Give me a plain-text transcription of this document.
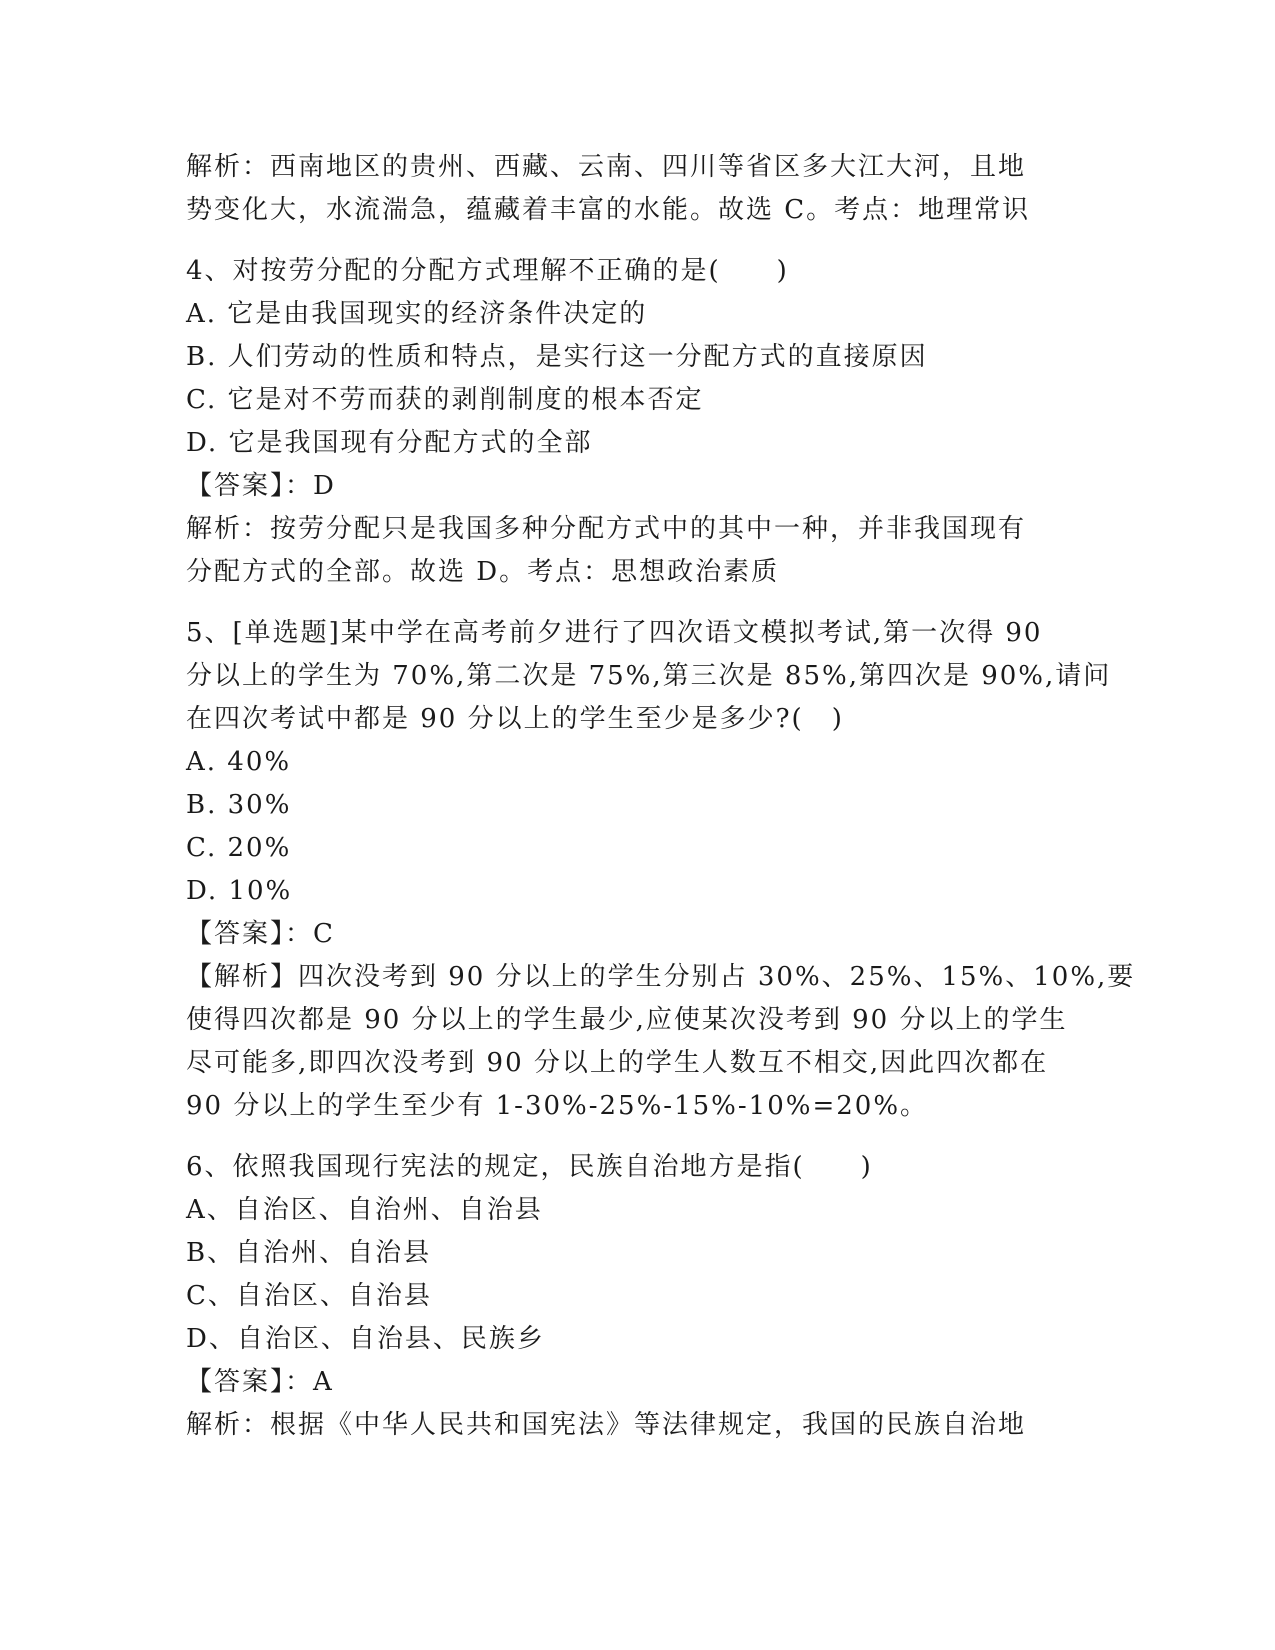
解析：西南地区的贵州、西藏、云南、四川等省区多大江大河，且地
势变化大，水流湍急，蕴藏着丰富的水能。故选 C。考点：地理常识
4、对按劳分配的分配方式理解不正确的是(　　)
A. 它是由我国现实的经济条件决定的
B. 人们劳动的性质和特点，是实行这一分配方式的直接原因
C. 它是对不劳而获的剥削制度的根本否定
D. 它是我国现有分配方式的全部
【答案】：D
解析：按劳分配只是我国多种分配方式中的其中一种，并非我国现有
分配方式的全部。故选 D。考点：思想政治素质
5、[单选题]某中学在高考前夕进行了四次语文模拟考试,第一次得 90
分以上的学生为 70%,第二次是 75%,第三次是 85%,第四次是 90%,请问
在四次考试中都是 90 分以上的学生至少是多少?(　)
A. 40%
B. 30%
C. 20%
D. 10%
【答案】：C
【解析】四次没考到 90 分以上的学生分别占 30%、25%、15%、10%,要
使得四次都是 90 分以上的学生最少,应使某次没考到 90 分以上的学生
尽可能多,即四次没考到 90 分以上的学生人数互不相交,因此四次都在
90 分以上的学生至少有 1-30%-25%-15%-10%=20%。
6、依照我国现行宪法的规定，民族自治地方是指(　　)
A、自治区、自治州、自治县
B、自治州、自治县
C、自治区、自治县
D、自治区、自治县、民族乡
【答案】：A
解析：根据《中华人民共和国宪法》等法律规定，我国的民族自治地
